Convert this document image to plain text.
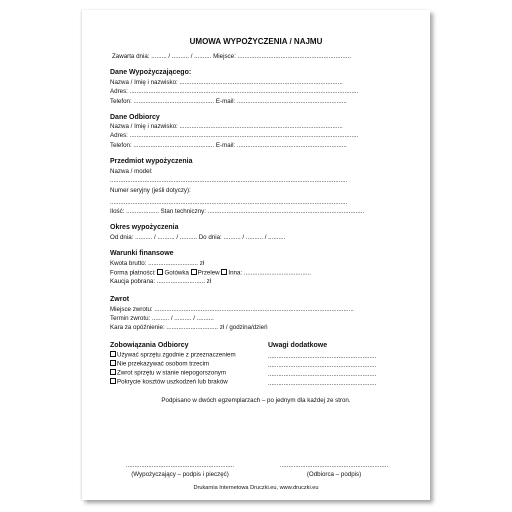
UMOWA WYPOŻYCZENIA / NAJMU
Zawarta dnia: ......... / .......... / .......... Miejsce: ..................................................................
Dane Wypożyczającego:
Nazwa / Imię i nazwisko: ...............................................................................................
Adres: .....................................................................................................................................
Telefon: ............................................... E-mail: ................................................................
Dane Odbiorcy
Nazwa / Imię i nazwisko: ...............................................................................................
Adres: .....................................................................................................................................
Telefon: ............................................... E-mail: ................................................................
Przedmiot wypożyczenia
Nazwa / model:
..........................................................................................................................................
Numer seryjny (jeśli dotyczy):
..........................................................................................................................................
Ilość: ................... Stan techniczny: ...........................................................................................
Okres wypożyczenia
Od dnia: .......... / .......... / .......... Do dnia: .......... / .......... / ..........
Warunki finansowe
Kwota brutto: ............................. zł
Forma płatności: Gotówka Przelew Inna: .......................................
Kaucja pobrana: ............................ zł
Zwrot
Miejsce zwrotu: ....................................................................................................................
Termin zwrotu: .......... / .......... / ..........
Kara za opóźnienie: .............................. zł / godzina/dzień
Zobowiązania Odbiorcy
Używać sprzętu zgodnie z przeznaczeniem
Nie przekazywać osobom trzecim
Zwrot sprzętu w stanie niepogorszonym
Pokrycie kosztów uszkodzeń lub braków
Uwagi dodatkowe
...............................................................
...............................................................
...............................................................
...............................................................
Podpisano w dwóch egzemplarzach – po jednym dla każdej ze stron.
...............................................................
(Wypożyczający – podpis i pieczęć)
...............................................................
(Odbiorca – podpis)
Drukarnia Internetowa Druczki.eu, www.druczki.eu
